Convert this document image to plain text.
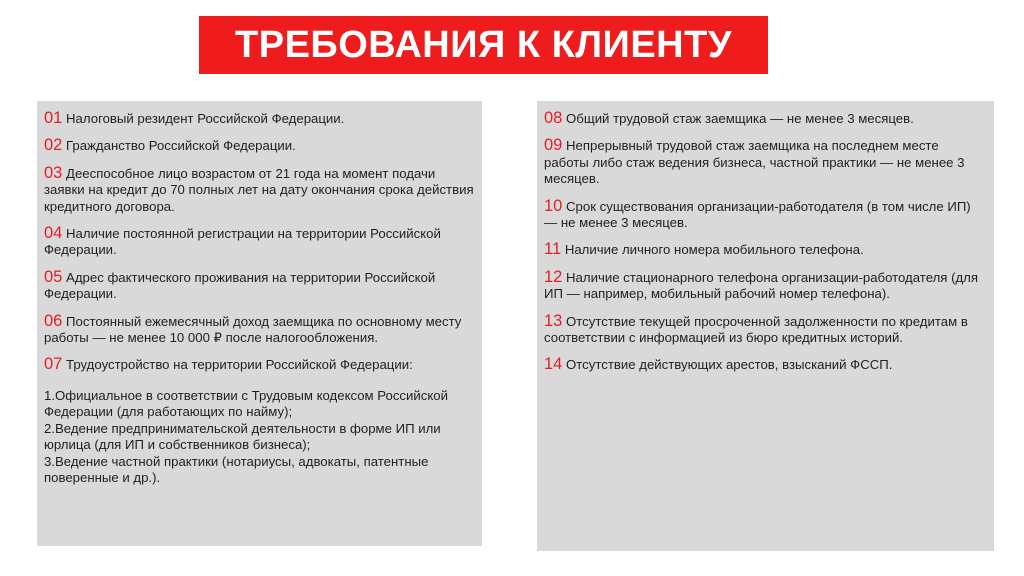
ТРЕБОВАНИЯ К КЛИЕНТУ
01 Налоговый резидент Российской Федерации.
02 Гражданство Российской Федерации.
03 Дееспособное лицо возрастом от 21 года на момент подачи заявки на кредит до 70 полных лет на дату окончания срока действия кредитного договора.
04 Наличие постоянной регистрации на территории Российской Федерации.
05 Адрес фактического проживания на территории Российской Федерации.
06 Постоянный ежемесячный доход заемщика по основному месту работы — не менее 10 000 ₽ после налогообложения.
07 Трудоустройство на территории Российской Федерации:
1.Официальное в соответствии с Трудовым кодексом Российской Федерации (для работающих по найму);
2.Ведение предпринимательской деятельности в форме ИП или юрлица (для ИП и собственников бизнеса);
3.Ведение частной практики (нотариусы, адвокаты, патентные поверенные и др.).
08 Общий трудовой стаж заемщика — не менее 3 месяцев.
09 Непрерывный трудовой стаж заемщика на последнем месте работы либо стаж ведения бизнеса, частной практики — не менее 3 месяцев.
10 Срок существования организации-работодателя (в том числе ИП) — не менее 3 месяцев.
11 Наличие личного номера мобильного телефона.
12 Наличие стационарного телефона организации-работодателя (для ИП — например, мобильный рабочий номер телефона).
13 Отсутствие текущей просроченной задолженности по кредитам в соответствии с информацией из бюро кредитных историй.
14 Отсутствие действующих арестов, взысканий ФССП.
